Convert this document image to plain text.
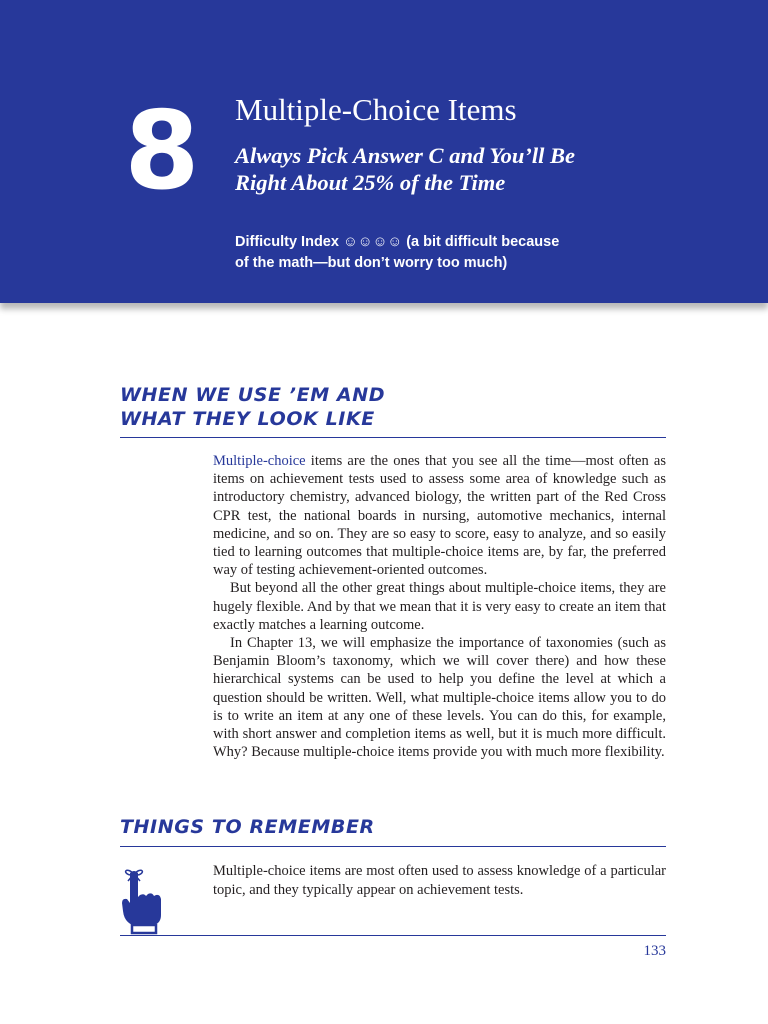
8 Multiple-Choice Items
Always Pick Answer C and You’ll Be
Right About 25% of the Time
Difficulty Index ☺☺☺☺ (a bit difficult because
of the math—but don’t worry too much)
WHEN WE USE ’EM AND
WHAT THEY LOOK LIKE

Multiple-choice items are the ones that you see all the time—most often as items on achievement tests used to assess some area of knowledge such as introductory chemistry, advanced biology, the written part of the Red Cross CPR test, the national boards in nursing, automotive mechanics, internal medicine, and so on. They are so easy to score, easy to analyze, and so easily tied to learning outcomes that multiple-choice items are, by far, the preferred way of testing achievement-oriented outcomes.

But beyond all the other great things about multiple-choice items, they are hugely flexible. And by that we mean that it is very easy to create an item that exactly matches a learning outcome.

In Chapter 13, we will emphasize the importance of taxonomies (such as Benjamin Bloom’s taxonomy, which we will cover there) and how these hierarchical systems can be used to help you define the level at which a question should be written. Well, what multiple-choice items allow you to do is to write an item at any one of these levels. You can do this, for example, with short answer and completion items as well, but it is much more difficult. Why? Because multiple-choice items provide you with much more flexibility.

THINGS TO REMEMBER
Multiple-choice items are most often used to assess knowledge of a particular topic, and they typically appear on achievement tests.
133
